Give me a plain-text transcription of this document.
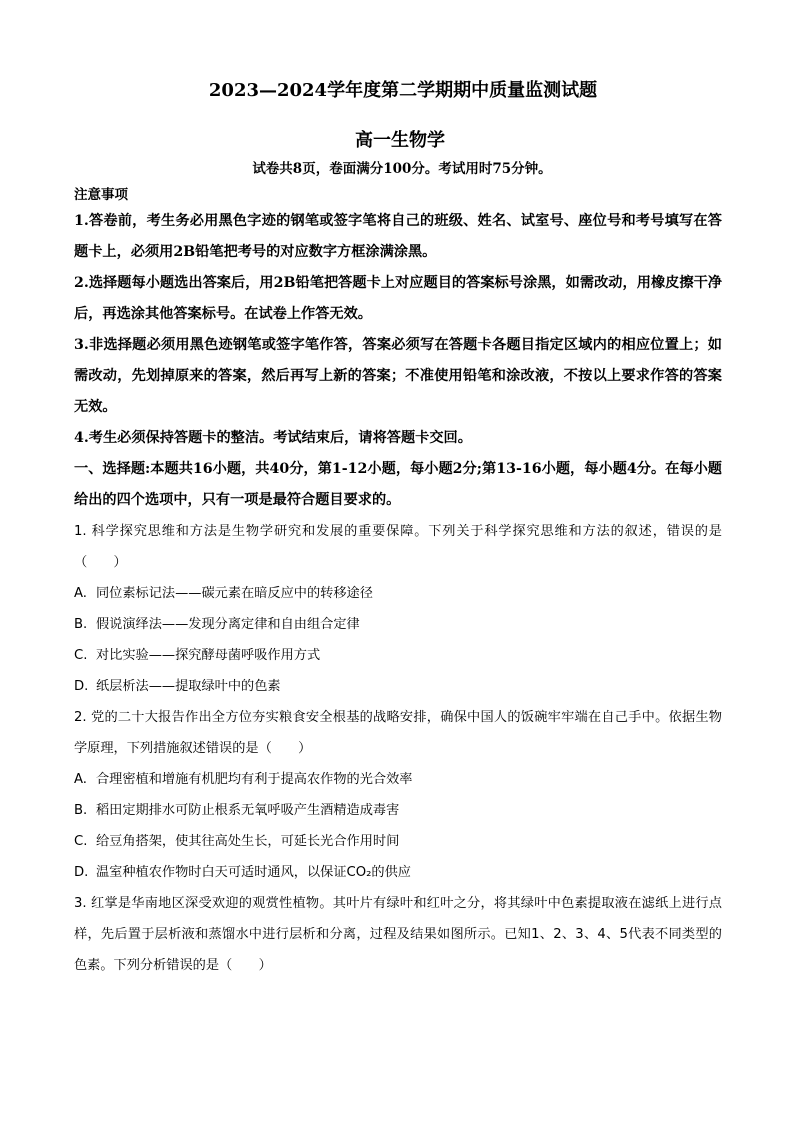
2023—2024学年度第二学期期中质量监测试题
高一生物学
试卷共8页，卷面满分100分。考试用时75分钟。
注意事项

1.答卷前，考生务必用黑色字迹的钢笔或签字笔将自己的班级、姓名、试室号、座位号和考号填写在答题卡上，必须用2B铅笔把考号的对应数字方框涂满涂黑。

2.选择题每小题选出答案后，用2B铅笔把答题卡上对应题目的答案标号涂黑，如需改动，用橡皮擦干净后，再选涂其他答案标号。在试卷上作答无效。

3.非选择题必须用黑色迹钢笔或签字笔作答，答案必须写在答题卡各题目指定区域内的相应位置上；如需改动，先划掉原来的答案，然后再写上新的答案；不准使用铅笔和涂改液，不按以上要求作答的答案无效。

4.考生必须保持答题卡的整洁。考试结束后，请将答题卡交回。

一、选择题:本题共16小题，共40分，第1-12小题，每小题2分;第13-16小题，每小题4分。在每小题给出的四个选项中，只有一项是最符合题目要求的。

1. 科学探究思维和方法是生物学研究和发展的重要保障。下列关于科学探究思维和方法的叙述，错误的是（　　）

A. 同位素标记法——碳元素在暗反应中的转移途径

B. 假说演绎法——发现分离定律和自由组合定律

C. 对比实验——探究酵母菌呼吸作用方式

D. 纸层析法——提取绿叶中的色素

2. 党的二十大报告作出全方位夯实粮食安全根基的战略安排，确保中国人的饭碗牢牢端在自己手中。依据生物学原理，下列措施叙述错误的是（　　）

A. 合理密植和增施有机肥均有利于提高农作物的光合效率

B. 稻田定期排水可防止根系无氧呼吸产生酒精造成毒害

C. 给豆角搭架，使其往高处生长，可延长光合作用时间

D. 温室种植农作物时白天可适时通风，以保证CO₂的供应

3. 红掌是华南地区深受欢迎的观赏性植物。其叶片有绿叶和红叶之分，将其绿叶中色素提取液在滤纸上进行点样，先后置于层析液和蒸馏水中进行层析和分离，过程及结果如图所示。已知1、2、3、4、5代表不同类型的色素。下列分析错误的是（　　）
